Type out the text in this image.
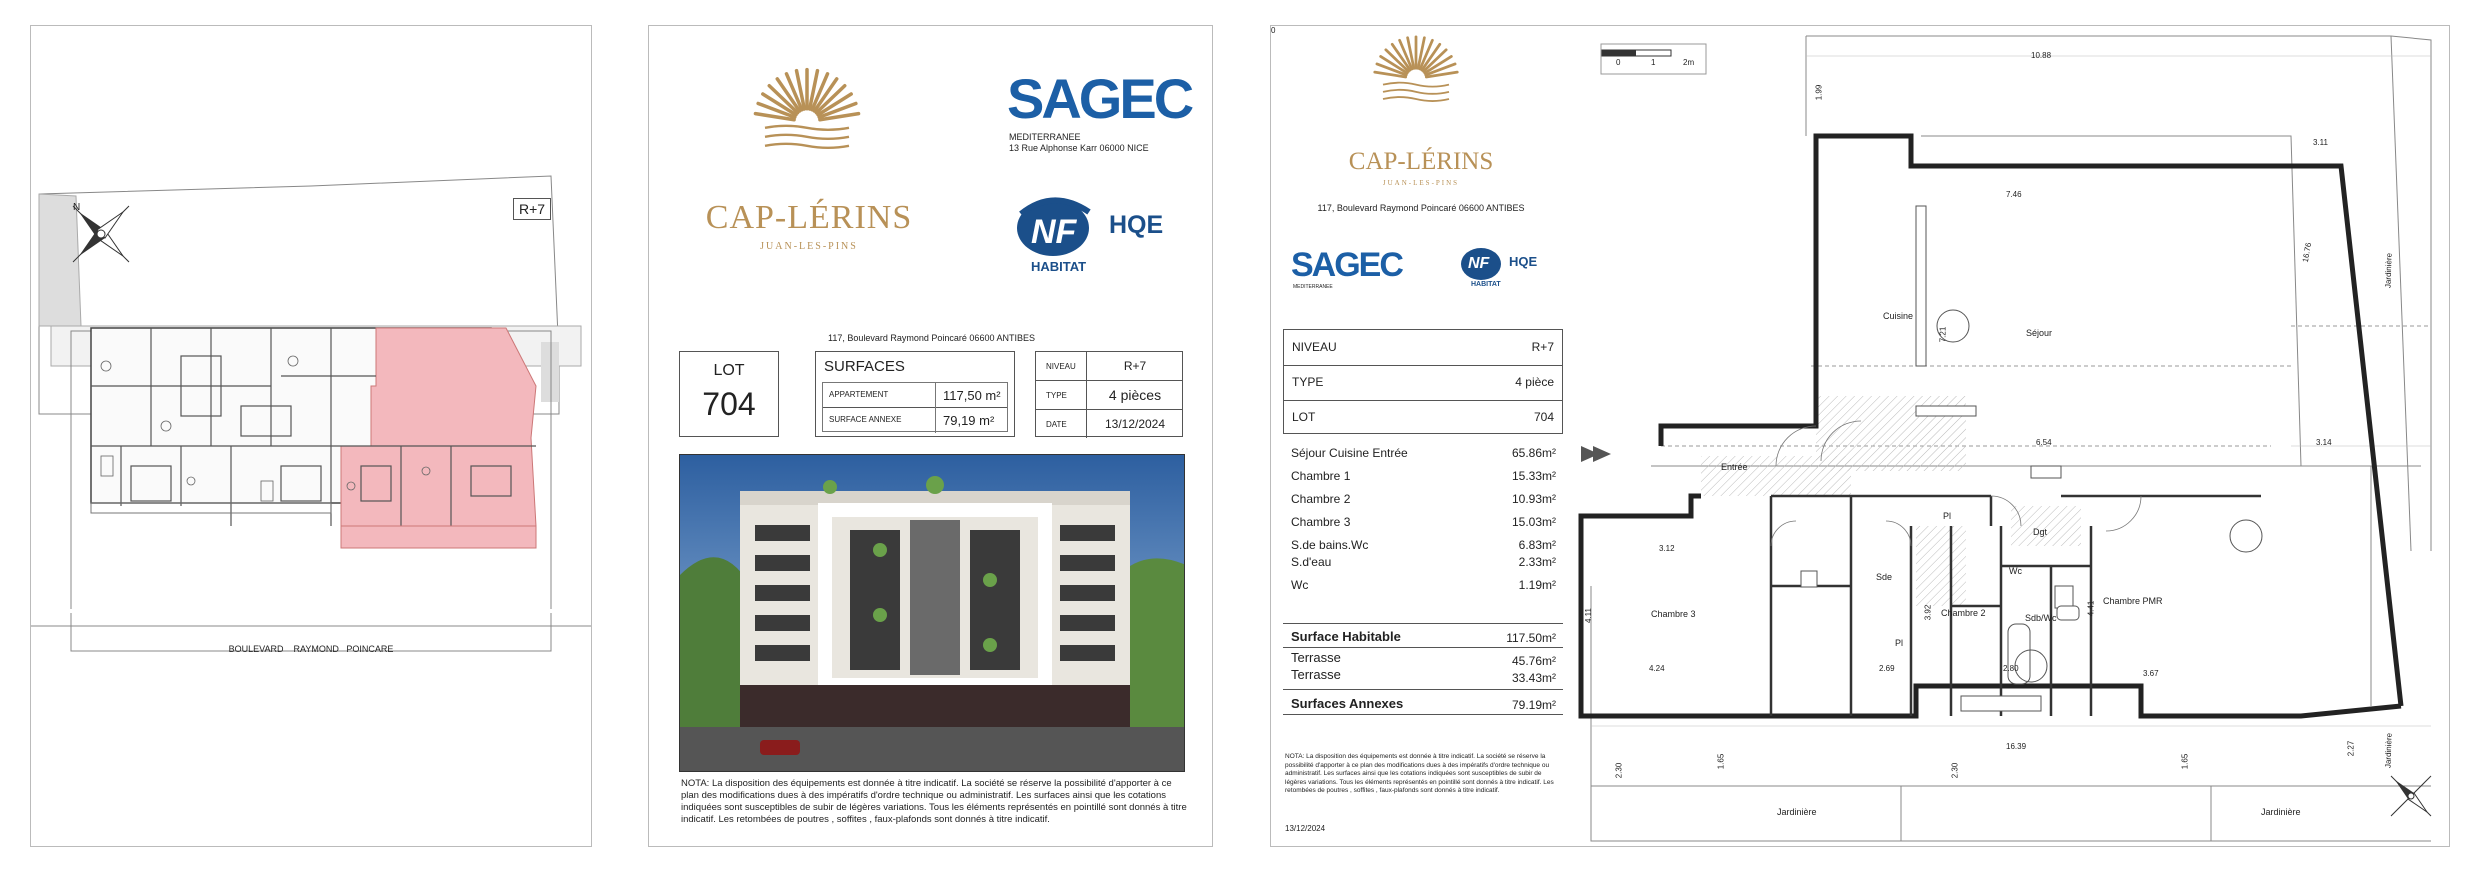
N	R+7
BOULEVARD    RAYMOND   POINCARE
CAP-LÉRINS
JUAN-LES-PINS
SAGEC
MEDITERRANEE
13 Rue Alphonse Karr 06000 NICE
CERTIFIÉ PAR CERQUAL
NF HQE
HABITAT
117, Boulevard Raymond Poincaré 06600 ANTIBES
LOT
704
SURFACES
APPARTEMENT	117,50 m²
SURFACE ANNEXE	79,19 m²
NIVEAU	R+7
TYPE	4 pièces
DATE	13/12/2024
NOTA: La disposition des équipements est donnée à titre indicatif. La société se réserve la possibilité d'apporter à ce plan des modifications dues à des impératifs d'ordre technique ou administratif. Les surfaces ainsi que les cotations indiquées sont susceptibles de subir de légères variations. Tous les éléments représentés en pointillé sont donnés à titre indicatif. Les retombées de poutres , soffites , faux-plafonds sont donnés à titre indicatif.
CAP-LÉRINS
JUAN-LES-PINS
117, Boulevard Raymond Poincaré 06600 ANTIBES
SAGEC
MEDITERRANEE
NF HQE
HABITAT
NIVEAU	R+7
TYPE	4 pièce
LOT	704
Séjour Cuisine Entrée	65.86m²
Chambre 1	15.33m²
Chambre 2	10.93m²
Chambre 3	15.03m²
S.de bains.Wc	6.83m²
S.d'eau	2.33m²
Wc	1.19m²
Surface Habitable	117.50m²
Terrasse	45.76m²
Terrasse	33.43m²
Surfaces Annexes	79.19m²
NOTA: La disposition des équipements est donnée à titre indicatif. La société se réserve la possibilité d'apporter à ce plan des modifications dues à des impératifs d'ordre technique ou administratif. Les surfaces ainsi que les cotations indiquées sont susceptibles de subir de légères variations. Tous les éléments représentés en pointillé sont donnés à titre indicatif. Les retombées de poutres , soffites , faux-plafonds sont donnés à titre indicatif.
13/12/2024
0
0	1	2m
Cuisine
Séjour
Entrée
Pl
Pl
Dgt
Sde
Wc
Sdb/Wc
Chambre 3	Chambre 2
Chambre PMR
Jardinière	Jardinière
Jardinière
Jardinière
10.88
7.46
6.54
3.11
3.14
7.21
16.76
3.12
4.24	2.69	2.80
3.67
16.39
4.41
2.30	2.30
1.99
2.27
1.65	1.65
3.92
4.11
